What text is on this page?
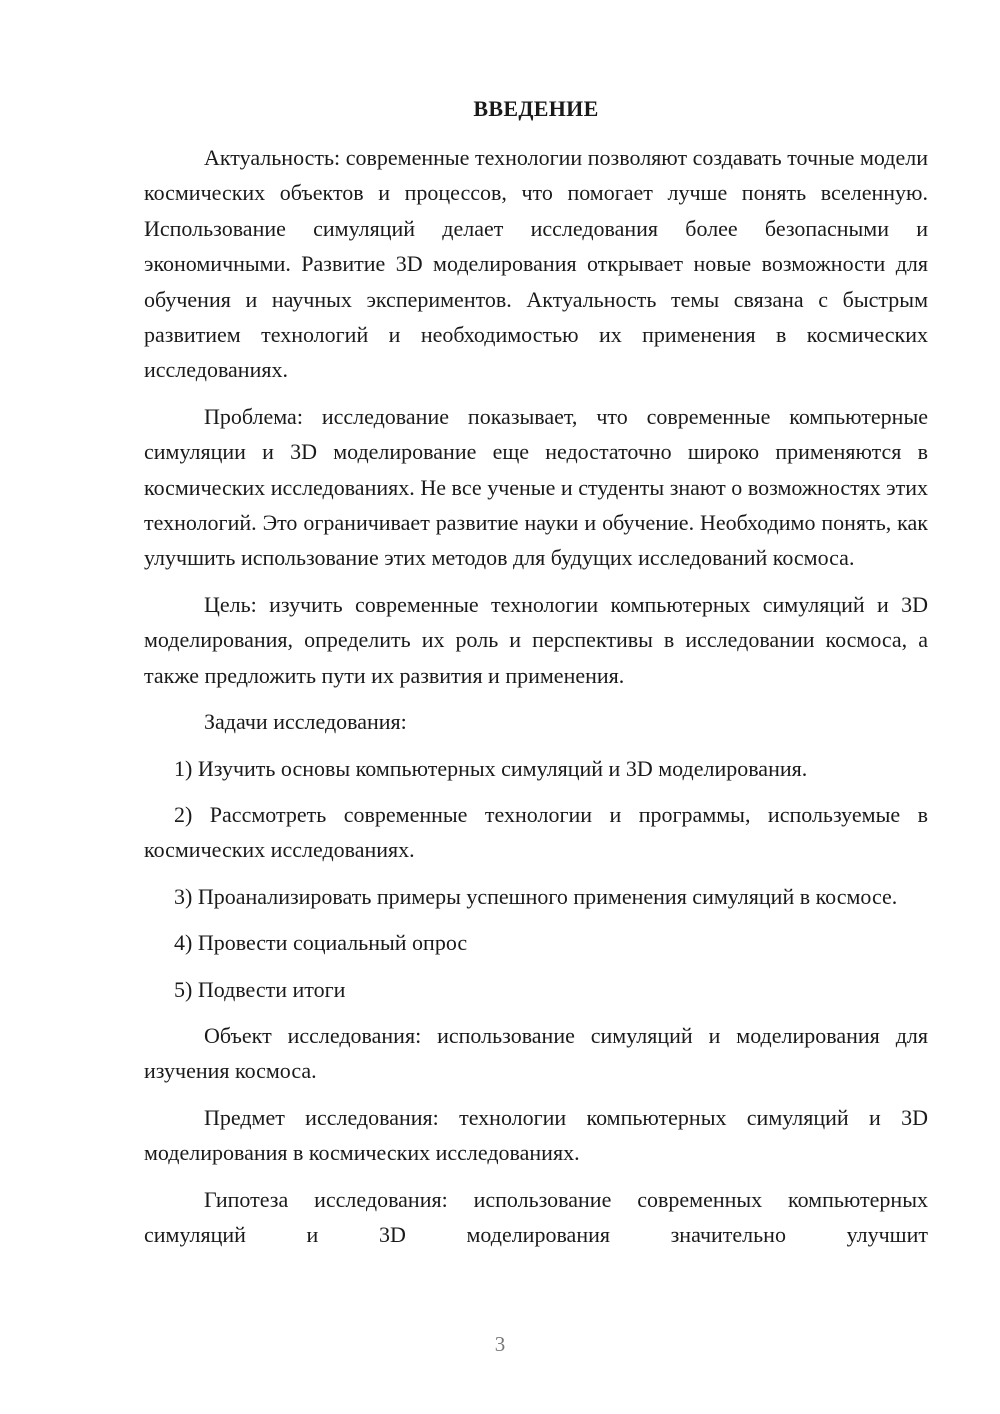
ВВЕДЕНИЕ

Актуальность: современные технологии позволяют создавать точные модели космических объектов и процессов, что помогает лучше понять вселенную. Использование симуляций делает исследования более безопасными и экономичными. Развитие 3D моделирования открывает новые возможности для обучения и научных экспериментов. Актуальность темы связана с быстрым развитием технологий и необходимостью их применения в космических исследованиях.

Проблема: исследование показывает, что современные компьютерные симуляции и 3D моделирование еще недостаточно широко применяются в космических исследованиях. Не все ученые и студенты знают о возможностях этих технологий. Это ограничивает развитие науки и обучение. Необходимо понять, как улучшить использование этих методов для будущих исследований космоса.

Цель: изучить современные технологии компьютерных симуляций и 3D моделирования, определить их роль и перспективы в исследовании космоса, а также предложить пути их развития и применения.

Задачи исследования:

1) Изучить основы компьютерных симуляций и 3D моделирования.

2) Рассмотреть современные технологии и программы, используемые в космических исследованиях.

3) Проанализировать примеры успешного применения симуляций в космосе.

4) Провести социальный опрос

5) Подвести итоги

Объект исследования: использование симуляций и моделирования для изучения космоса.

Предмет исследования: технологии компьютерных симуляций и 3D моделирования в космических исследованиях.

Гипотеза исследования: использование современных компьютерных симуляций и 3D моделирования значительно улучшит

3
